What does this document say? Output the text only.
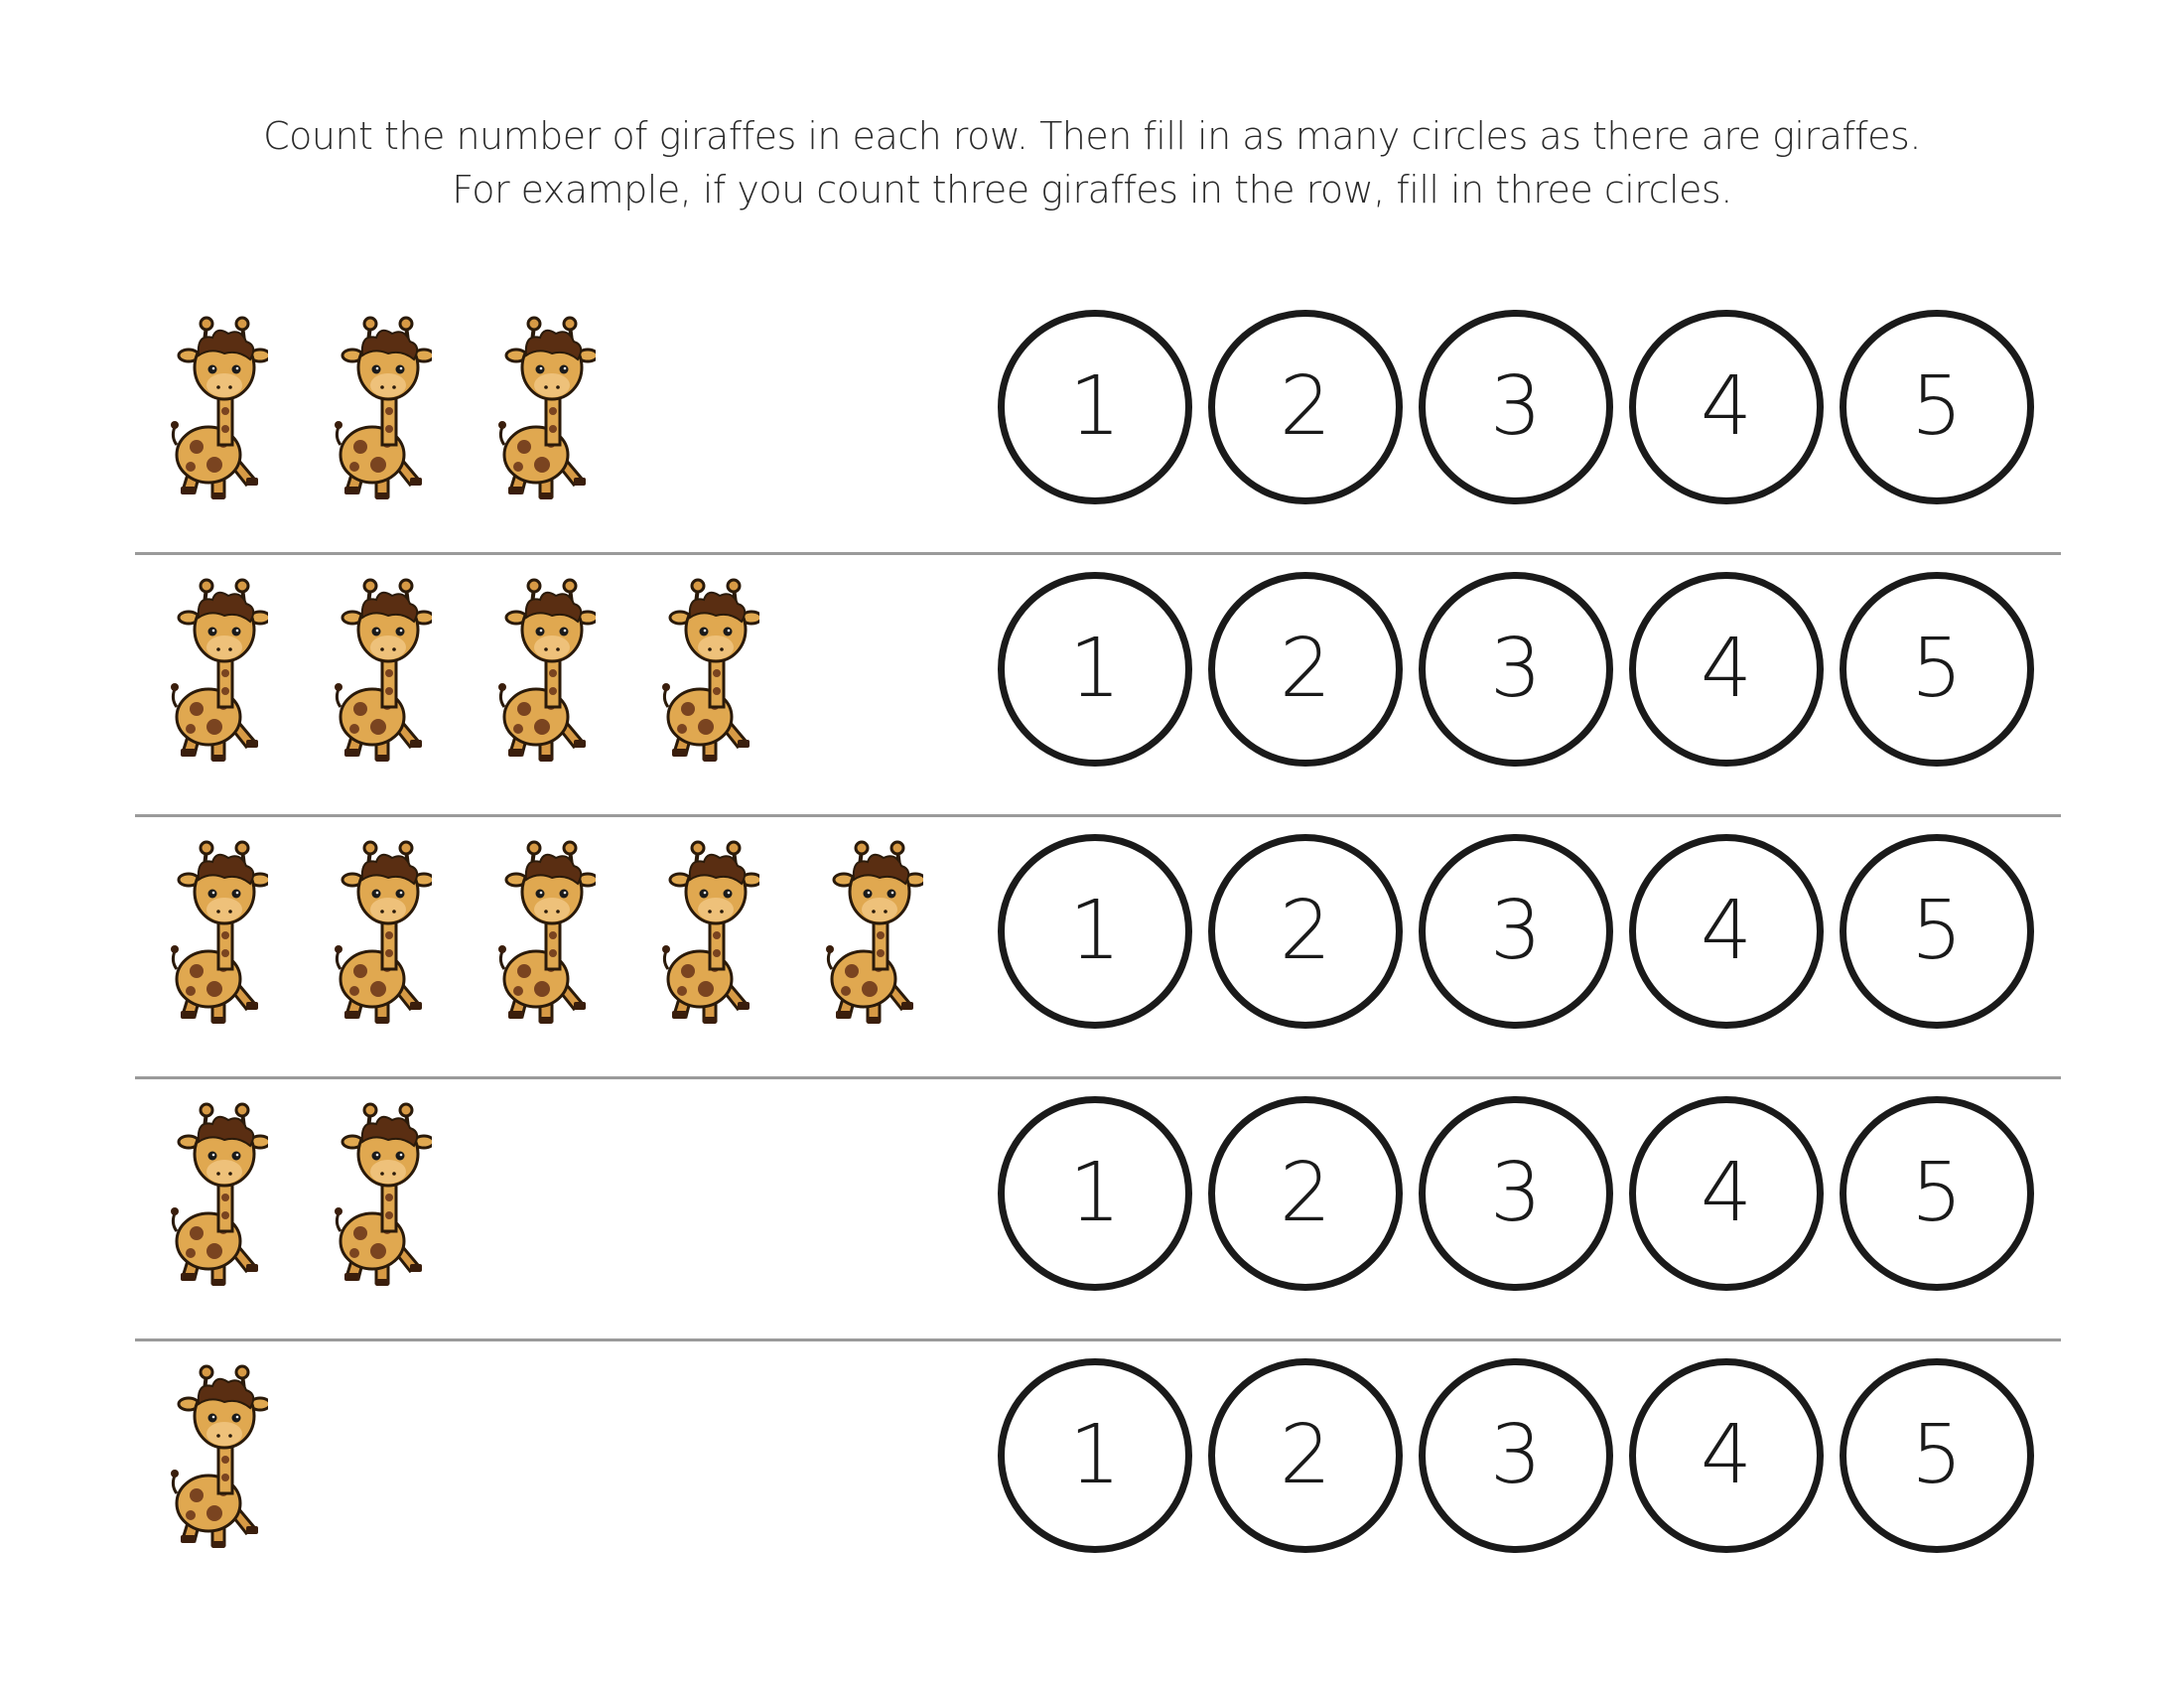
Count the number of giraffes in each row. Then fill in as many circles as there are giraffes.
For example, if you count three giraffes in the row, fill in three circles.
1 2 3 4 5
1 2 3 4 5
1 2 3 4 5
1 2 3 4 5
1 2 3 4 5
